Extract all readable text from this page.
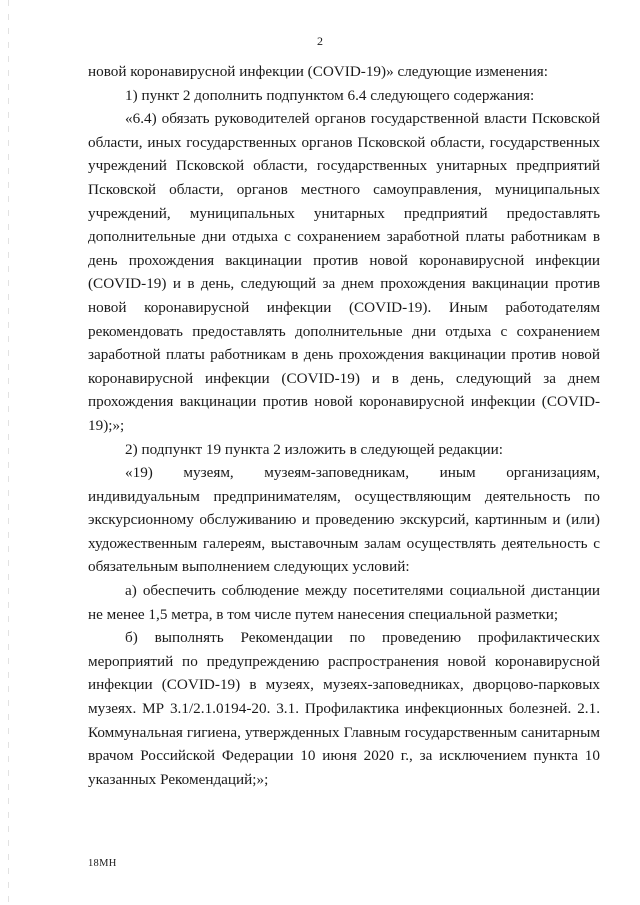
2

новой коронавирусной инфекции (COVID-19)» следующие изменения:

1) пункт 2 дополнить подпунктом 6.4 следующего содержания:

«6.4) обязать руководителей органов государственной власти Псковской области, иных государственных органов Псковской области, государственных учреждений Псковской области, государственных унитарных предприятий Псковской области, органов местного самоуправления, муниципальных учреждений, муниципальных унитарных предприятий предоставлять дополнительные дни отдыха с сохранением заработной платы работникам в день прохождения вакцинации против новой коронавирусной инфекции (COVID-19) и в день, следующий за днем прохождения вакцинации против новой коронавирусной инфекции (COVID-19). Иным работодателям рекомендовать предоставлять дополнительные дни отдыха с сохранением заработной платы работникам в день прохождения вакцинации против новой коронавирусной инфекции (COVID-19) и в день, следующий за днем прохождения вакцинации против новой коронавирусной инфекции (COVID-19);»;

2) подпункт 19 пункта 2 изложить в следующей редакции:

«19) музеям, музеям-заповедникам, иным организациям, индивидуальным предпринимателям, осуществляющим деятельность по экскурсионному обслуживанию и проведению экскурсий, картинным и (или) художественным галереям, выставочным залам осуществлять деятельность с обязательным выполнением следующих условий:

а) обеспечить соблюдение между посетителями социальной дистанции не менее 1,5 метра, в том числе путем нанесения специальной разметки;

б) выполнять Рекомендации по проведению профилактических мероприятий по предупреждению распространения новой коронавирусной инфекции (COVID-19) в музеях, музеях-заповедниках, дворцово-парковых музеях. МР 3.1/2.1.0194-20. 3.1. Профилактика инфекционных болезней. 2.1. Коммунальная гигиена, утвержденных Главным государственным санитарным врачом Российской Федерации 10 июня 2020 г., за исключением пункта 10 указанных Рекомендаций;»;

18МН
